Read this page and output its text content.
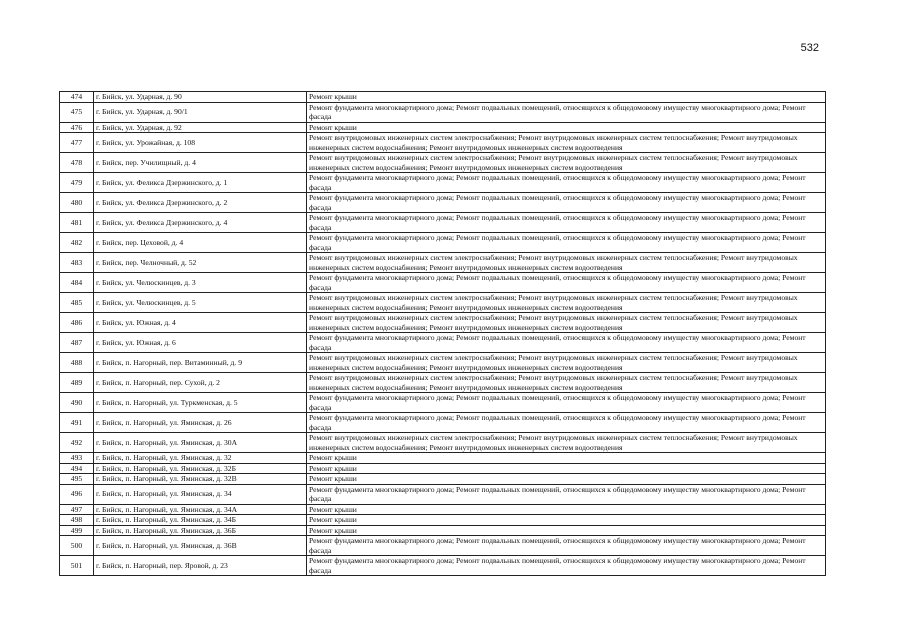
532
474	г. Бийск, ул. Ударная, д. 90	Ремонт крыши
475	г. Бийск, ул. Ударная, д. 90/1	Ремонт фундамента многоквартирного дома; Ремонт подвальных помещений, относящихся к общедомовому имуществу многоквартирного дома; Ремонт фасада
476	г. Бийск, ул. Ударная, д. 92	Ремонт крыши
477	г. Бийск, ул. Урожайная, д. 108	Ремонт внутридомовых инженерных систем электроснабжения; Ремонт внутридомовых инженерных систем теплоснабжения; Ремонт внутридомовых инженерных систем водоснабжения; Ремонт внутридомовых инженерных систем водоотведения
478	г. Бийск, пер. Училищный, д. 4	Ремонт внутридомовых инженерных систем электроснабжения; Ремонт внутридомовых инженерных систем теплоснабжения; Ремонт внутридомовых инженерных систем водоснабжения; Ремонт внутридомовых инженерных систем водоотведения
479	г. Бийск, ул. Феликса Дзержинского, д. 1	Ремонт фундамента многоквартирного дома; Ремонт подвальных помещений, относящихся к общедомовому имуществу многоквартирного дома; Ремонт фасада
480	г. Бийск, ул. Феликса Дзержинского, д. 2	Ремонт фундамента многоквартирного дома; Ремонт подвальных помещений, относящихся к общедомовому имуществу многоквартирного дома; Ремонт фасада
481	г. Бийск, ул. Феликса Дзержинского, д. 4	Ремонт фундамента многоквартирного дома; Ремонт подвальных помещений, относящихся к общедомовому имуществу многоквартирного дома; Ремонт фасада
482	г. Бийск, пер. Цеховой, д. 4	Ремонт фундамента многоквартирного дома; Ремонт подвальных помещений, относящихся к общедомовому имуществу многоквартирного дома; Ремонт фасада
483	г. Бийск, пер. Челночный, д. 52	Ремонт внутридомовых инженерных систем электроснабжения; Ремонт внутридомовых инженерных систем теплоснабжения; Ремонт внутридомовых инженерных систем водоснабжения; Ремонт внутридомовых инженерных систем водоотведения
484	г. Бийск, ул. Челюскинцев, д. 3	Ремонт фундамента многоквартирного дома; Ремонт подвальных помещений, относящихся к общедомовому имуществу многоквартирного дома; Ремонт фасада
485	г. Бийск, ул. Челюскинцев, д. 5	Ремонт внутридомовых инженерных систем электроснабжения; Ремонт внутридомовых инженерных систем теплоснабжения; Ремонт внутридомовых инженерных систем водоснабжения; Ремонт внутридомовых инженерных систем водоотведения
486	г. Бийск, ул. Южная, д. 4	Ремонт внутридомовых инженерных систем электроснабжения; Ремонт внутридомовых инженерных систем теплоснабжения; Ремонт внутридомовых инженерных систем водоснабжения; Ремонт внутридомовых инженерных систем водоотведения
487	г. Бийск, ул. Южная, д. 6	Ремонт фундамента многоквартирного дома; Ремонт подвальных помещений, относящихся к общедомовому имуществу многоквартирного дома; Ремонт фасада
488	г. Бийск, п. Нагорный, пер. Витаминный, д. 9	Ремонт внутридомовых инженерных систем электроснабжения; Ремонт внутридомовых инженерных систем теплоснабжения; Ремонт внутридомовых инженерных систем водоснабжения; Ремонт внутридомовых инженерных систем водоотведения
489	г. Бийск, п. Нагорный, пер. Сухой, д. 2	Ремонт внутридомовых инженерных систем электроснабжения; Ремонт внутридомовых инженерных систем теплоснабжения; Ремонт внутридомовых инженерных систем водоснабжения; Ремонт внутридомовых инженерных систем водоотведения
490	г. Бийск, п. Нагорный, ул. Туркменская, д. 5	Ремонт фундамента многоквартирного дома; Ремонт подвальных помещений, относящихся к общедомовому имуществу многоквартирного дома; Ремонт фасада
491	г. Бийск, п. Нагорный, ул. Яминская, д. 26	Ремонт фундамента многоквартирного дома; Ремонт подвальных помещений, относящихся к общедомовому имуществу многоквартирного дома; Ремонт фасада
492	г. Бийск, п. Нагорный, ул. Яминская, д. 30А	Ремонт внутридомовых инженерных систем электроснабжения; Ремонт внутридомовых инженерных систем теплоснабжения; Ремонт внутридомовых инженерных систем водоснабжения; Ремонт внутридомовых инженерных систем водоотведения
493	г. Бийск, п. Нагорный, ул. Яминская, д. 32	Ремонт крыши
494	г. Бийск, п. Нагорный, ул. Яминская, д. 32Б	Ремонт крыши
495	г. Бийск, п. Нагорный, ул. Яминская, д. 32В	Ремонт крыши
496	г. Бийск, п. Нагорный, ул. Яминская, д. 34	Ремонт фундамента многоквартирного дома; Ремонт подвальных помещений, относящихся к общедомовому имуществу многоквартирного дома; Ремонт фасада
497	г. Бийск, п. Нагорный, ул. Яминская, д. 34А	Ремонт крыши
498	г. Бийск, п. Нагорный, ул. Яминская, д. 34Б	Ремонт крыши
499	г. Бийск, п. Нагорный, ул. Яминская, д. 36Б	Ремонт крыши
500	г. Бийск, п. Нагорный, ул. Яминская, д. 36В	Ремонт фундамента многоквартирного дома; Ремонт подвальных помещений, относящихся к общедомовому имуществу многоквартирного дома; Ремонт фасада
501	г. Бийск, п. Нагорный, пер. Яровой, д. 23	Ремонт фундамента многоквартирного дома; Ремонт подвальных помещений, относящихся к общедомовому имуществу многоквартирного дома; Ремонт фасада
